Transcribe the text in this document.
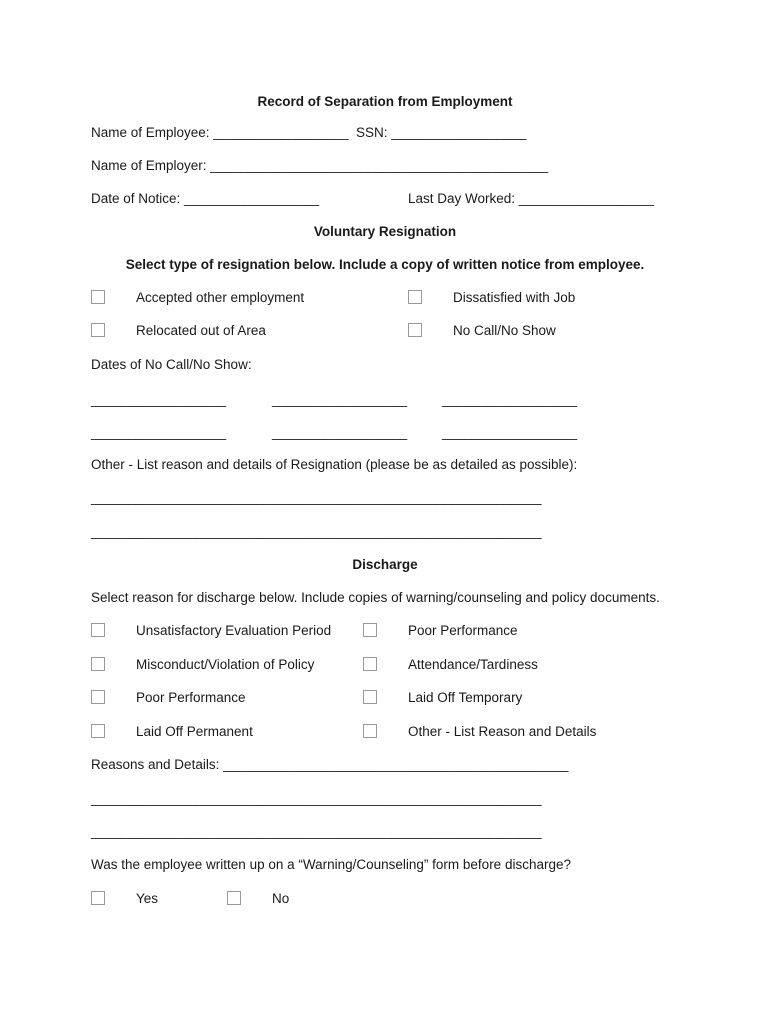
Record of Separation from Employment
Name of Employee: __________________  SSN: __________________
Name of Employer: _____________________________________________
Date of Notice: __________________	Last Day Worked: __________________
Voluntary Resignation
Select type of resignation below. Include a copy of written notice from employee.
Accepted other employment	Dissatisfied with Job
Relocated out of Area	No Call/No Show
Dates of No Call/No Show:
__________________	__________________	__________________
__________________	__________________	__________________
Other - List reason and details of Resignation (please be as detailed as possible):
____________________________________________________________
____________________________________________________________
Discharge
Select reason for discharge below. Include copies of warning/counseling and policy documents.
Unsatisfactory Evaluation Period	Poor Performance
Misconduct/Violation of Policy	Attendance/Tardiness
Poor Performance	Laid Off Temporary
Laid Off Permanent	Other - List Reason and Details
Reasons and Details: ______________________________________________
____________________________________________________________
____________________________________________________________
Was the employee written up on a “Warning/Counseling” form before discharge?
Yes	No
